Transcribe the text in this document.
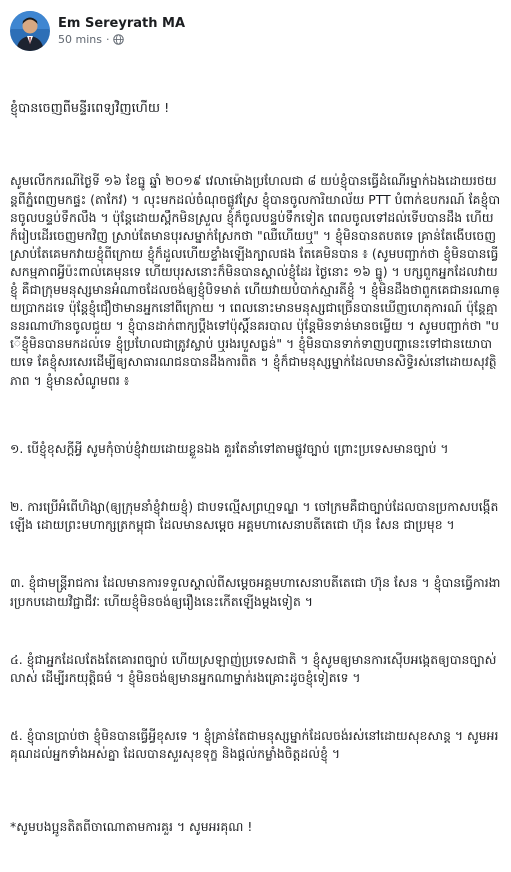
Em Sereyrath MA
50 mins ·

ខ្ញុំបានចេញពីមន្ទីរពេទ្យវិញហើយ !

សូមលើកករណីថ្ងៃទី ១៦ ខែធ្នូ ឆ្នាំ ២០១៩ វេលាម៉ោងប្រហែលជា ៨ យប់ខ្ញុំបានធ្វើដំណើរម្នាក់ឯងដោយរថយន្តពីភ្នំពេញមកផ្ទះ (តាកែវ) ។ លុះមកដល់ចំណុចផ្លូវស្រែ ខ្ញុំបានចូលការិយាល័យ PTT បំពាក់ឧបករណ៍ គែខ្ញុំបានចូលបន្ទប់ទឹកលឹង ។ ប៉ុន្តែដោយស្ពឹកមិនស្រួល ខ្ញុំក៏ចូលបន្ទប់ទឹកទៀត ពេលចូលទៅដល់ទើបបានដឹង ហើយក៏រៀបដើរចេញមកវិញ ស្រាប់តែមានបុរសម្នាក់ស្រែកថា "ឈឺហើយឬ" ។ ខ្ញុំមិនបានតបតទេ គ្រាន់តែងើបចេញ ស្រាប់តែគេមកវាយខ្ញុំពីក្រោយ ខ្ញុំក៏ដួលហើយខ្ទាំងឡើងក្បាលផង តែគេមិនបាន ៖ (សូមបញ្ជាក់ថា ខ្ញុំមិនបានធ្វើសកម្មភាពអ្វីប៉ះពាល់គេមុនទេ ហើយបុរសនោះក៏មិនបានស្គាល់ខ្ញុំដែរ ថ្ងៃនោះ ១៦ ធ្នូ) ។ បក្សពួកអ្នកដែលវាយខ្ញុំ គឺជាក្រុមមនុស្សមានអំណាចដែលចង់ឲ្យខ្ញុំបិទមាត់ ហើយវាយបំបាក់ស្មារតីខ្ញុំ ។ ខ្ញុំមិនដឹងថាពួកគេជានរណាឲ្យប្រាកដទេ ប៉ុន្តែខ្ញុំជឿថាមានអ្នកនៅពីក្រោយ ។ ពេលនោះមានមនុស្សជាច្រើនបានឃើញហេតុការណ៍ ប៉ុន្តែគ្មាននរណាហ៊ានចូលជួយ ។ ខ្ញុំបានដាក់ពាក្យប្ដឹងទៅប៉ុស្តិ៍នគរបាល ប៉ុន្តែមិនទាន់មានចម្លើយ ។ សូមបញ្ជាក់ថា "បើខ្ញុំមិនបានមកដល់ទេ ខ្ញុំប្រហែលជាត្រូវស្លាប់ ឬរងរបួសធ្ងន់" ។ ខ្ញុំមិនបានទាក់ទាញបញ្ហានេះទៅជានយោបាយទេ គែខ្ញុំសរសេរដើម្បីឲ្យសាធារណជនបានដឹងការពិត ។ ខ្ញុំក៏ជាមនុស្សម្នាក់ដែលមានសិទ្ធិរស់នៅដោយសុវត្ថិភាព ។ ខ្ញុំមានសំណូមពរ ៖

១. បើខ្ញុំខុសក្ដីអ្វី សូមកុំចាប់ខ្ញុំវាយដោយខ្លួនឯង គួរតែនាំទៅតាមផ្លូវច្បាប់ ព្រោះប្រទេសមានច្បាប់ ។

២. ការប្រើអំពើហិង្សា(ឲ្យក្រុមនាំខ្ញុំវាយខ្ញុំ) ជាបទល្មើសព្រហ្មទណ្ឌ ។ ចៅក្រមគឺជាច្បាប់ដែលបានប្រកាសបង្កើតឡើង ដោយព្រះមហាក្សត្រកម្ពុជា ដែលមានសម្តេច អគ្គមហាសេនាបតីតេជោ ហ៊ុន សែន ជាប្រមុខ ។

៣. ខ្ញុំជាមន្ត្រីរាជការ ដែលមានការទទួលស្គាល់ពីសម្តេចអគ្គមហាសេនាបតីតេជោ ហ៊ុន សែន ។ ខ្ញុំបានធ្វើការងារប្រកបដោយវិជ្ជាជីវៈ ហើយខ្ញុំមិនចង់ឲ្យរឿងនេះកើតឡើងម្តងទៀត ។

៤. ខ្ញុំជាអ្នកដែលតែងតែគោរពច្បាប់ ហើយស្រឡាញ់ប្រទេសជាតិ ។ ខ្ញុំសូមឲ្យមានការស៊ើបអង្កេតឲ្យបានច្បាស់លាស់ ដើម្បីរកយុត្តិធម៌ ។ ខ្ញុំមិនចង់ឲ្យមានអ្នកណាម្នាក់រងគ្រោះដូចខ្ញុំទៀតទេ ។

៥. ខ្ញុំបានប្រាប់ថា ខ្ញុំមិនបានធ្វើអ្វីខុសទេ ។ ខ្ញុំគ្រាន់តែជាមនុស្សម្នាក់ដែលចង់រស់នៅដោយសុខសាន្ត ។ សូមអរគុណដល់អ្នកទាំងអស់គ្នា ដែលបានសួរសុខទុក្ខ និងផ្ដល់កម្លាំងចិត្តដល់ខ្ញុំ ។

*សូមបងប្អូនតិតពីចាណោតាមការគួរ ។ សូមអរគុណ !
